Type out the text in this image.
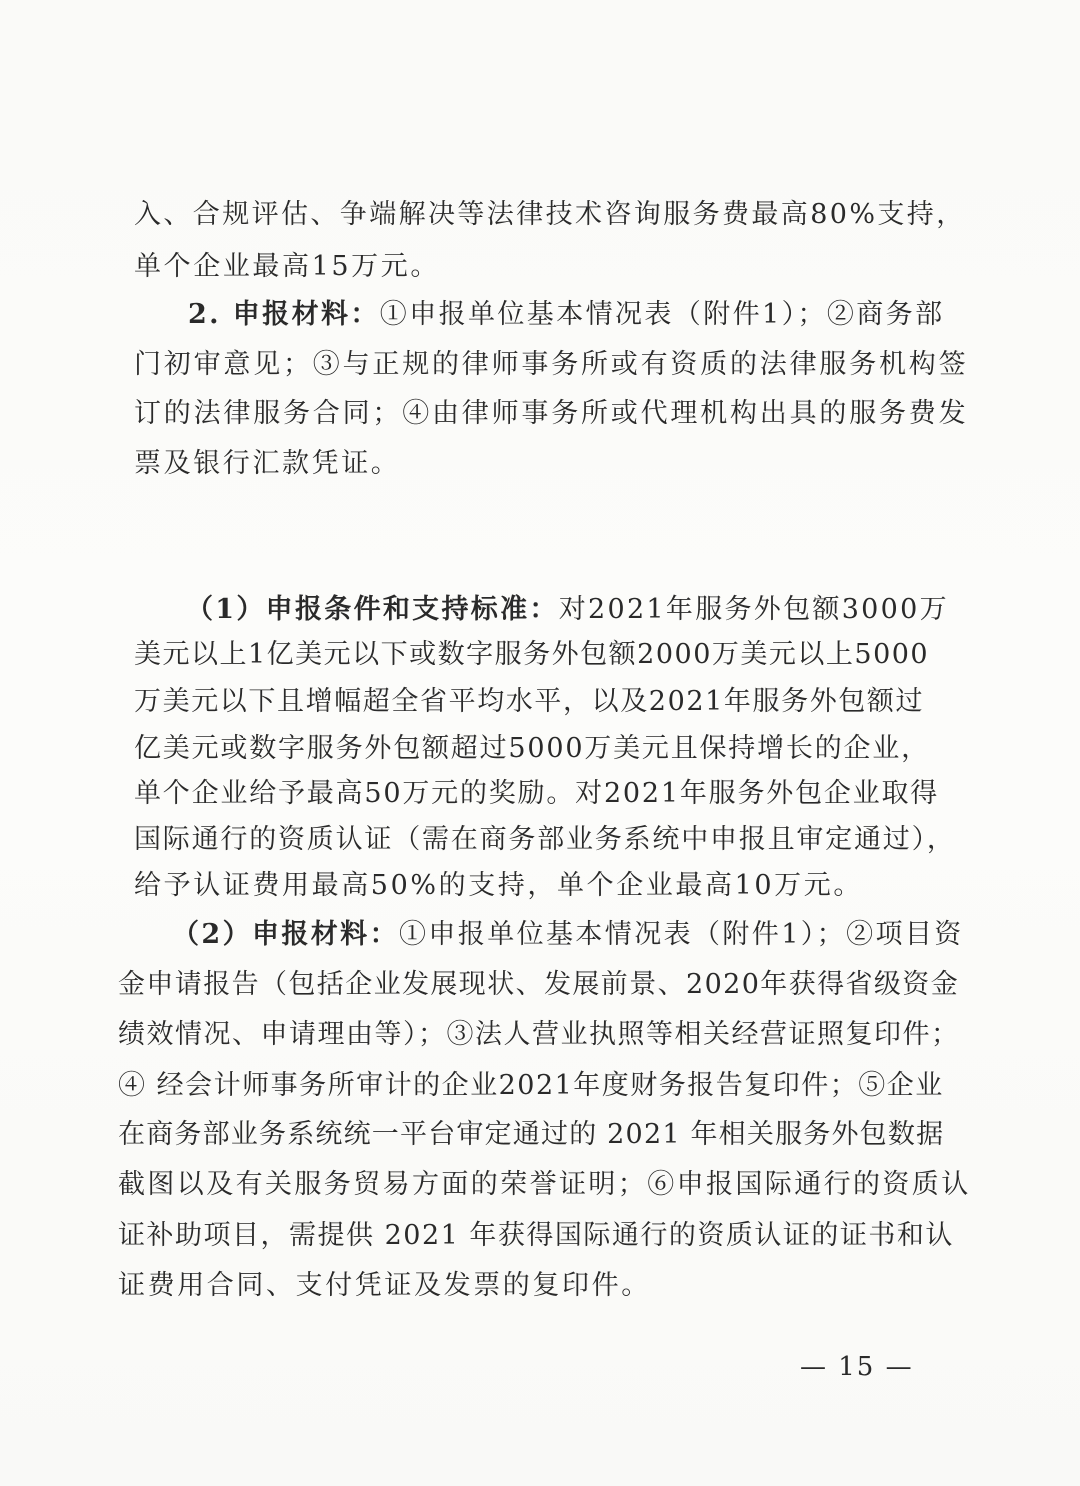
入、合规评估、争端解决等法律技术咨询服务费最高80%支持，
单个企业最高15万元。
2. 申报材料：①申报单位基本情况表（附件1）；②商务部
门初审意见；③与正规的律师事务所或有资质的法律服务机构签
订的法律服务合同；④由律师事务所或代理机构出具的服务费发
票及银行汇款凭证。
（1）申报条件和支持标准：对2021年服务外包额3000万
美元以上1亿美元以下或数字服务外包额2000万美元以上5000
万美元以下且增幅超全省平均水平，以及2021年服务外包额过
亿美元或数字服务外包额超过5000万美元且保持增长的企业，
单个企业给予最高50万元的奖励。对2021年服务外包企业取得
国际通行的资质认证（需在商务部业务系统中申报且审定通过），
给予认证费用最高50%的支持，单个企业最高10万元。
（2）申报材料：①申报单位基本情况表（附件1）；②项目资
金申请报告（包括企业发展现状、发展前景、2020年获得省级资金
绩效情况、申请理由等）；③法人营业执照等相关经营证照复印件；
④ 经会计师事务所审计的企业2021年度财务报告复印件；⑤企业
在商务部业务系统统一平台审定通过的 2021 年相关服务外包数据
截图以及有关服务贸易方面的荣誉证明；⑥申报国际通行的资质认
证补助项目，需提供 2021 年获得国际通行的资质认证的证书和认
证费用合同、支付凭证及发票的复印件。
— 15 —
